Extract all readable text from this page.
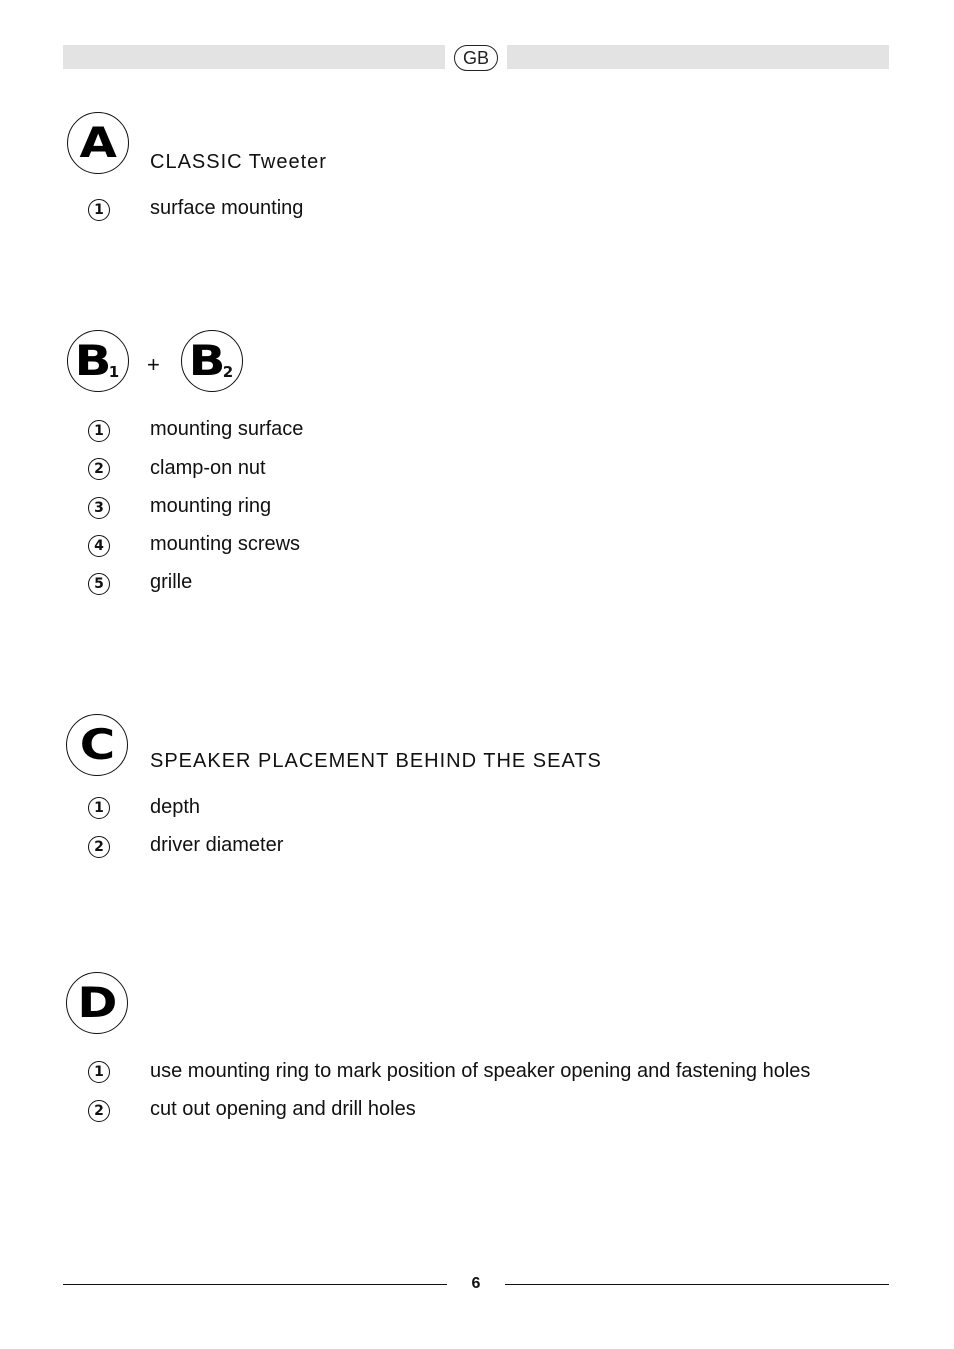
GB
A CLASSIC Tweeter
1	surface mounting
B
1 + B
2
1	mounting surface
2	clamp-on nut
3	mounting ring
4	mounting screws
5	grille
C SPEAKER PLACEMENT BEHIND THE SEATS
1	depth
2	driver diameter
D
1	use mounting ring to mark position of speaker opening and fastening holes
2	cut out opening and drill holes
6
